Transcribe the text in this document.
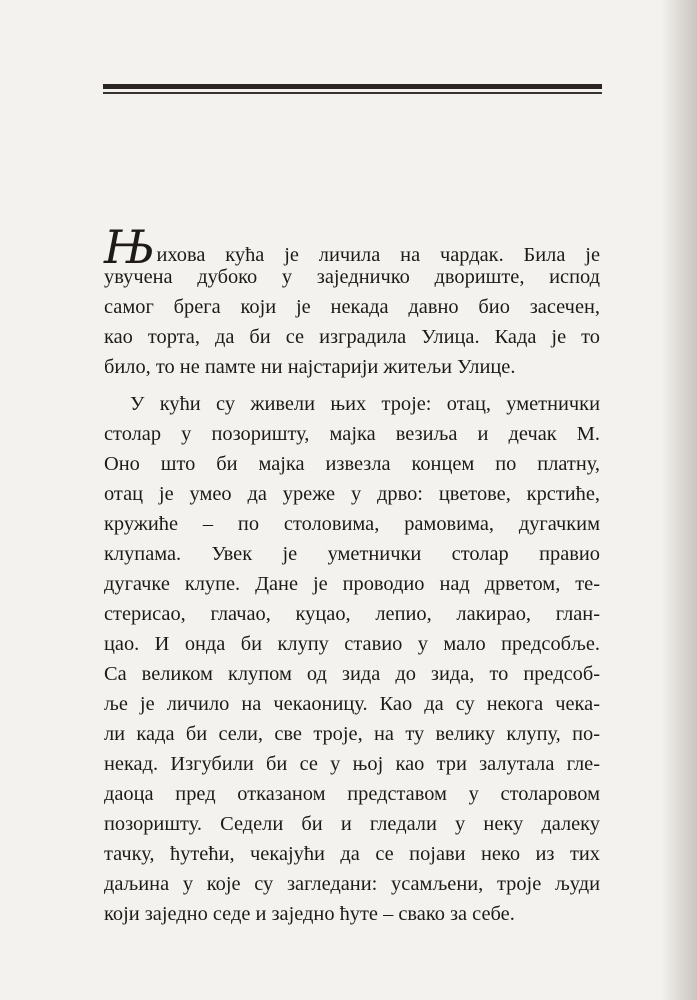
Њихова кућа је личила на чардак. Била је
увучена дубоко у заједничко двориште, испод
самог брега који је некада давно био засечен,
као торта, да би се изградила Улица. Када је то
било, то не памте ни најстарији житељи Улице.
У кући су живели њих троје: отац, уметнички
столар у позоришту, мајка везиља и дечак М.
Оно што би мајка извезла концем по платну,
отац је умео да уреже у дрво: цветове, крстиће,
кружиће – по столовима, рамовима, дугачким
клупама. Увек је уметнички столар правио
дугачке клупе. Дане је проводио над дрветом, те-
стерисао, глачао, куцао, лепио, лакирао, глан-
цао. И онда би клупу ставио у мало предсобље.
Са великом клупом од зида до зида, то предсоб-
ље је личило на чекаоницу. Као да су некога чека-
ли када би сели, све троје, на ту велику клупу, по-
некад. Изгубили би се у њој као три залутала гле-
даоца пред отказаном представом у столаровом
позоришту. Седели би и гледали у неку далеку
тачку, ћутећи, чекајући да се појави неко из тих
даљина у које су загледани: усамљени, троје људи
који заједно седе и заједно ћуте – свако за себе.
